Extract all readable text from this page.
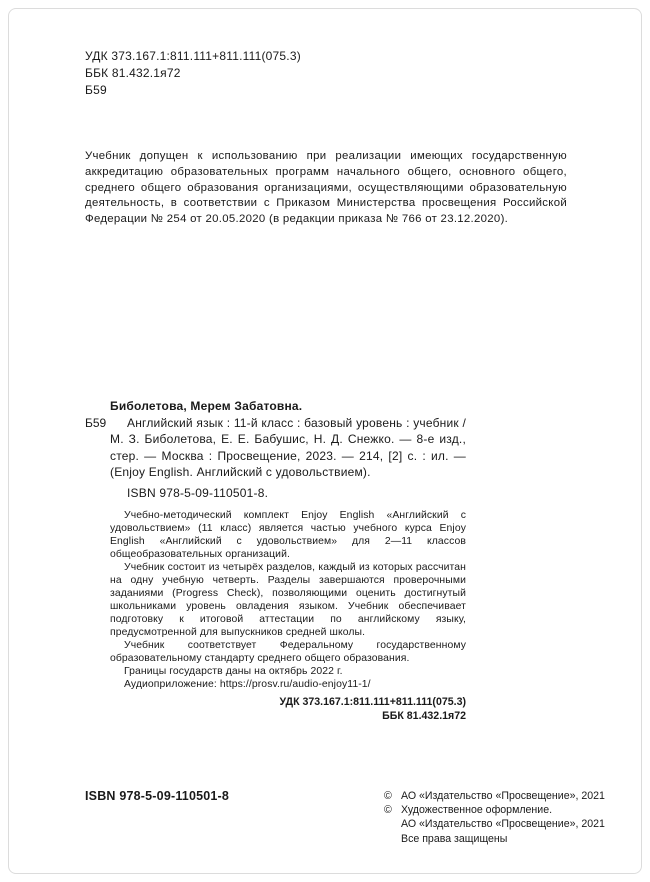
УДК 373.167.1:811.111+811.111(075.3)
ББК 81.432.1я72
Б59

Учебник допущен к использованию при реализации имеющих государственную аккредитацию образовательных программ начального общего, основного общего, среднего общего образования организациями, осуществляющими образовательную деятельность, в соответствии с Приказом Министерства просвещения Российской Федерации № 254 от 20.05.2020 (в редакции приказа № 766 от 23.12.2020).

Биболетова, Мерем Забатовна.

Б59	Английский язык : 11-й класс : базовый уровень : учебник / М. З. Биболетова, Е. Е. Бабушис, Н. Д. Снежко. — 8-е изд., стер. — Москва : Просвещение, 2023. — 214, [2] с. : ил. — (Enjoy English. Английский с удовольствием).

ISBN 978-5-09-110501-8.

Учебно-методический комплект Enjoy English «Английский с удовольствием» (11 класс) является частью учебного курса Enjoy English «Английский с удовольствием» для 2—11 классов общеобразовательных организаций.

Учебник состоит из четырёх разделов, каждый из которых рассчитан на одну учебную четверть. Разделы завершаются проверочными заданиями (Progress Check), позволяющими оценить достигнутый школьниками уровень овладения языком. Учебник обеспечивает подготовку к итоговой аттестации по английскому языку, предусмотренной для выпускников средней школы.

Учебник соответствует Федеральному государственному образовательному стандарту среднего общего образования.

Границы государств даны на октябрь 2022 г.

Аудиоприложение: https://prosv.ru/audio-enjoy11-1/

УДК 373.167.1:811.111+811.111(075.3)
ББК 81.432.1я72
ISBN 978-5-09-110501-8	© АО «Издательство «Просвещение», 2021
© Художественное оформление.
АО «Издательство «Просвещение», 2021
Все права защищены
